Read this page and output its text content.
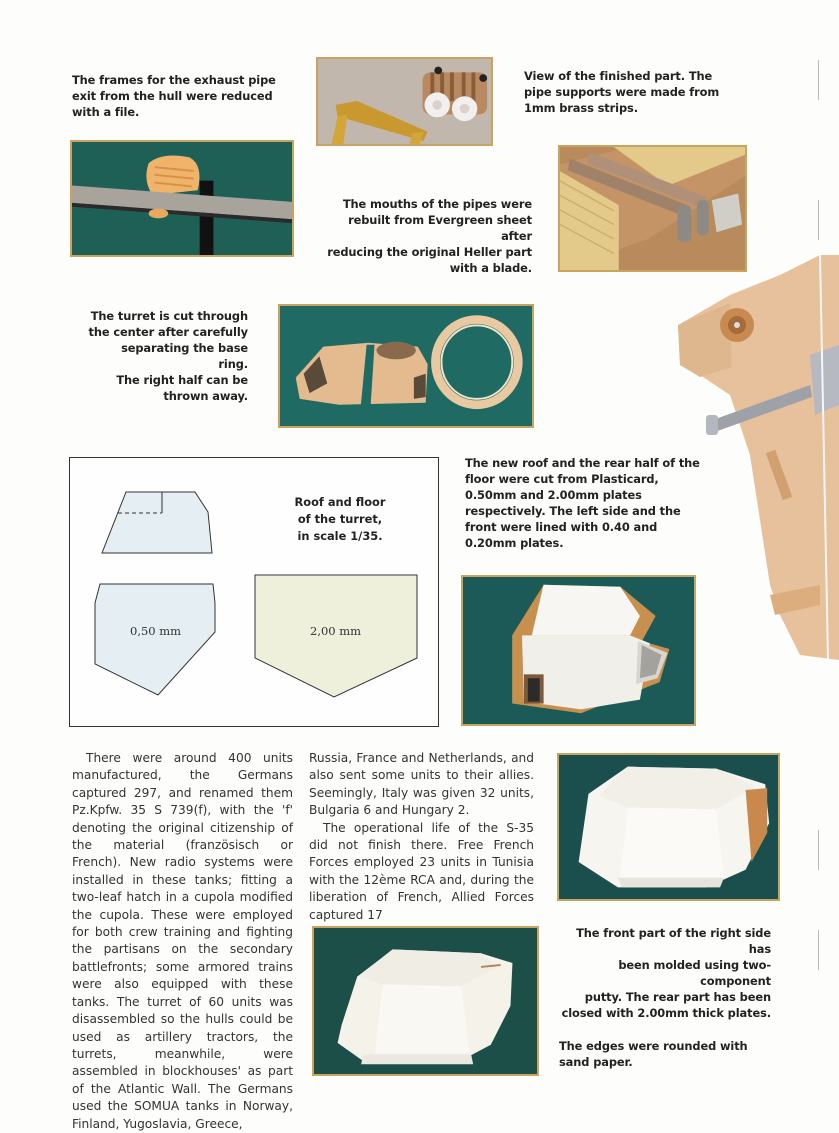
The frames for the exhaust pipe
exit from the hull were reduced
with a file.
View of the finished part. The
pipe supports were made from
1mm brass strips.
The mouths of the pipes were
rebuilt from Evergreen sheet after
reducing the original Heller part
with a blade.
The turret is cut through
the center after carefully
separating the base ring.
The right half can be
thrown away.
Roof and floor
of the turret,
in scale 1/35.
0,50 mm	2,00 mm
The new roof and the rear half of the
floor were cut from Plasticard,
0.50mm and 2.00mm plates
respectively. The left side and the
front were lined with 0.40 and
0.20mm plates.

There were around 400 units manufactured, the Germans captured 297, and renamed them Pz.Kpfw. 35 S 739(f), with the 'f' denoting the original citizenship of the material (französisch or French). New radio systems were installed in these tanks; fitting a two-leaf hatch in a cupola modified the cupola. These were employed for both crew training and fighting the partisans on the secondary battlefronts; some armored trains were also equipped with these tanks. The turret of 60 units was disassembled so the hulls could be used as artillery tractors, the turrets, meanwhile, were assembled in blockhouses' as part of the Atlantic Wall. The Germans used the SOMUA tanks in Norway, Finland, Yugoslavia, Greece,

Russia, France and Netherlands, and also sent some units to their allies. Seemingly, Italy was given 32 units, Bulgaria 6 and Hungary 2.

The operational life of the S-35 did not finish there. Free French Forces employed 23 units in Tunisia with the 12ème RCA and, during the liberation of French, Allied Forces captured 17

The front part of the right side has
been molded using two-component
putty. The rear part has been
closed with 2.00mm thick plates.
The edges were rounded with
sand paper.
